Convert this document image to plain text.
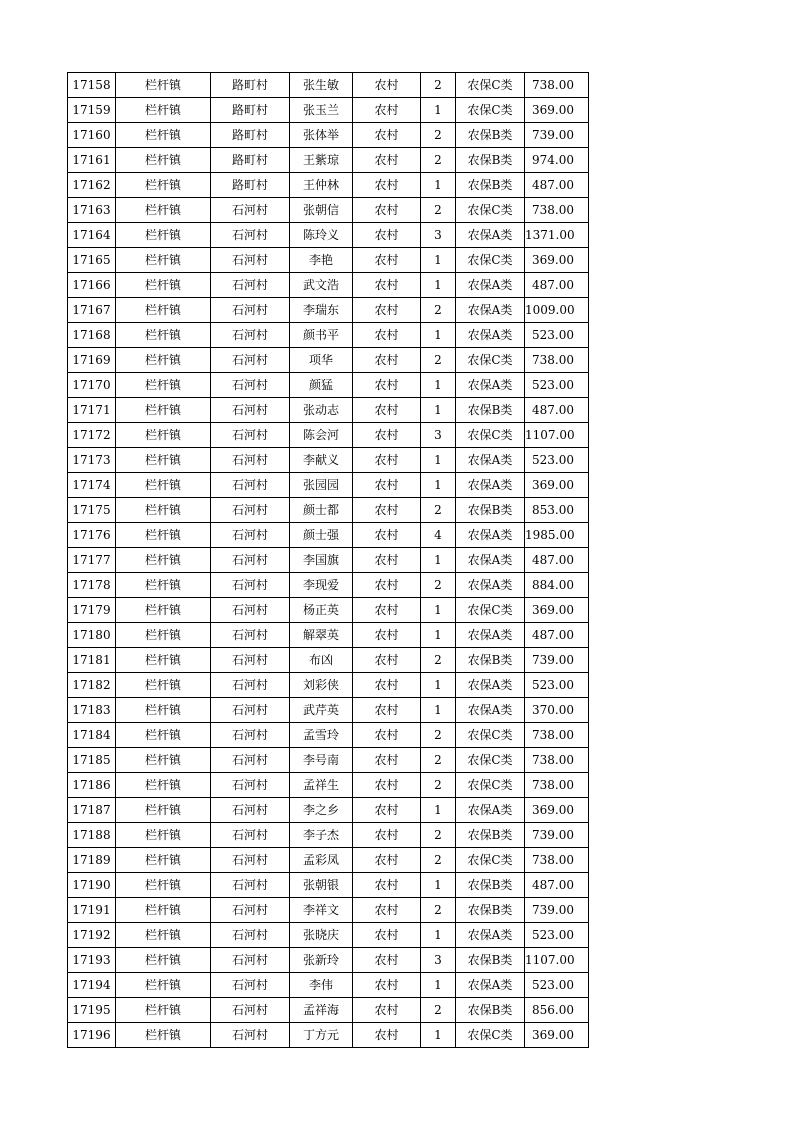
17158	栏杆镇	路町村	张生敏	农村	2	农保C类	738.00
17159	栏杆镇	路町村	张玉兰	农村	1	农保C类	369.00
17160	栏杆镇	路町村	张体举	农村	2	农保B类	739.00
17161	栏杆镇	路町村	王紫琼	农村	2	农保B类	974.00
17162	栏杆镇	路町村	王仲林	农村	1	农保B类	487.00
17163	栏杆镇	石河村	张朝信	农村	2	农保C类	738.00
17164	栏杆镇	石河村	陈玲义	农村	3	农保A类	1371.00
17165	栏杆镇	石河村	李艳	农村	1	农保C类	369.00
17166	栏杆镇	石河村	武文浩	农村	1	农保A类	487.00
17167	栏杆镇	石河村	李瑞东	农村	2	农保A类	1009.00
17168	栏杆镇	石河村	颜书平	农村	1	农保A类	523.00
17169	栏杆镇	石河村	项华	农村	2	农保C类	738.00
17170	栏杆镇	石河村	颜猛	农村	1	农保A类	523.00
17171	栏杆镇	石河村	张动志	农村	1	农保B类	487.00
17172	栏杆镇	石河村	陈会河	农村	3	农保C类	1107.00
17173	栏杆镇	石河村	李献义	农村	1	农保A类	523.00
17174	栏杆镇	石河村	张园园	农村	1	农保A类	369.00
17175	栏杆镇	石河村	颜士都	农村	2	农保B类	853.00
17176	栏杆镇	石河村	颜士强	农村	4	农保A类	1985.00
17177	栏杆镇	石河村	李国旗	农村	1	农保A类	487.00
17178	栏杆镇	石河村	李现爱	农村	2	农保A类	884.00
17179	栏杆镇	石河村	杨正英	农村	1	农保C类	369.00
17180	栏杆镇	石河村	解翠英	农村	1	农保A类	487.00
17181	栏杆镇	石河村	布凶	农村	2	农保B类	739.00
17182	栏杆镇	石河村	刘彩侠	农村	1	农保A类	523.00
17183	栏杆镇	石河村	武芹英	农村	1	农保A类	370.00
17184	栏杆镇	石河村	孟雪玲	农村	2	农保C类	738.00
17185	栏杆镇	石河村	李号南	农村	2	农保C类	738.00
17186	栏杆镇	石河村	孟祥生	农村	2	农保C类	738.00
17187	栏杆镇	石河村	李之乡	农村	1	农保A类	369.00
17188	栏杆镇	石河村	李子杰	农村	2	农保B类	739.00
17189	栏杆镇	石河村	孟彩凤	农村	2	农保C类	738.00
17190	栏杆镇	石河村	张朝银	农村	1	农保B类	487.00
17191	栏杆镇	石河村	李祥文	农村	2	农保B类	739.00
17192	栏杆镇	石河村	张晓庆	农村	1	农保A类	523.00
17193	栏杆镇	石河村	张新玲	农村	3	农保B类	1107.00
17194	栏杆镇	石河村	李伟	农村	1	农保A类	523.00
17195	栏杆镇	石河村	孟祥海	农村	2	农保B类	856.00
17196	栏杆镇	石河村	丁方元	农村	1	农保C类	369.00
